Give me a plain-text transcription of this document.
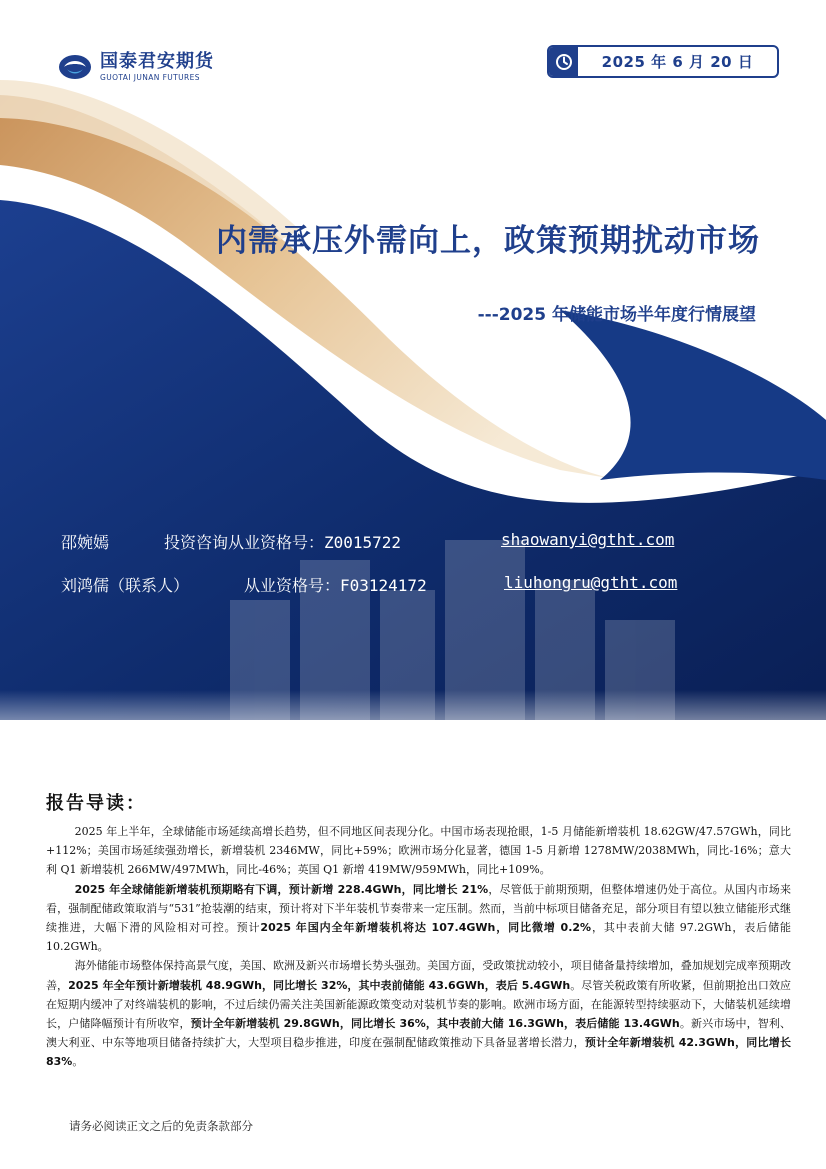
国泰君安期货
GUOTAI JUNAN FUTURES
2025 年 6 月 20 日
内需承压外需向上，政策预期扰动市场
---2025 年储能市场半年度行情展望
邵婉嫣	投资咨询从业资格号：Z0015722	shaowanyi@gtht.com
刘鸿儒（联系人）	从业资格号：F03124172	liuhongru@gtht.com
报告导读：

2025 年上半年，全球储能市场延续高增长趋势，但不同地区间表现分化。中国市场表现抢眼，1-5 月储能新增装机 18.62GW/47.57GWh，同比+112%；美国市场延续强劲增长，新增装机 2346MW，同比+59%；欧洲市场分化显著，德国 1-5 月新增 1278MW/2038MWh，同比-16%；意大利 Q1 新增装机 266MW/497MWh，同比-46%；英国 Q1 新增 419MW/959MWh，同比+109%。

2025 年全球储能新增装机预期略有下调，预计新增 228.4GWh，同比增长 21%，尽管低于前期预期，但整体增速仍处于高位。从国内市场来看，强制配储政策取消与“531”抢装潮的结束，预计将对下半年装机节奏带来一定压制。然而，当前中标项目储备充足，部分项目有望以独立储能形式继续推进，大幅下滑的风险相对可控。预计2025 年国内全年新增装机将达 107.4GWh，同比微增 0.2%，其中表前大储 97.2GWh，表后储能 10.2GWh。

海外储能市场整体保持高景气度，美国、欧洲及新兴市场增长势头强劲。美国方面，受政策扰动较小，项目储备量持续增加，叠加规划完成率预期改善，2025 年全年预计新增装机 48.9GWh，同比增长 32%，其中表前储能 43.6GWh，表后 5.4GWh。尽管关税政策有所收紧，但前期抢出口效应在短期内缓冲了对终端装机的影响，不过后续仍需关注美国新能源政策变动对装机节奏的影响。欧洲市场方面，在能源转型持续驱动下，大储装机延续增长，户储降幅预计有所收窄，预计全年新增装机 29.8GWh，同比增长 36%，其中表前大储 16.3GWh，表后储能 13.4GWh。新兴市场中，智利、澳大利亚、中东等地项目储备持续扩大，大型项目稳步推进，印度在强制配储政策推动下具备显著增长潜力，预计全年新增装机 42.3GWh，同比增长 83%。

请务必阅读正文之后的免责条款部分
